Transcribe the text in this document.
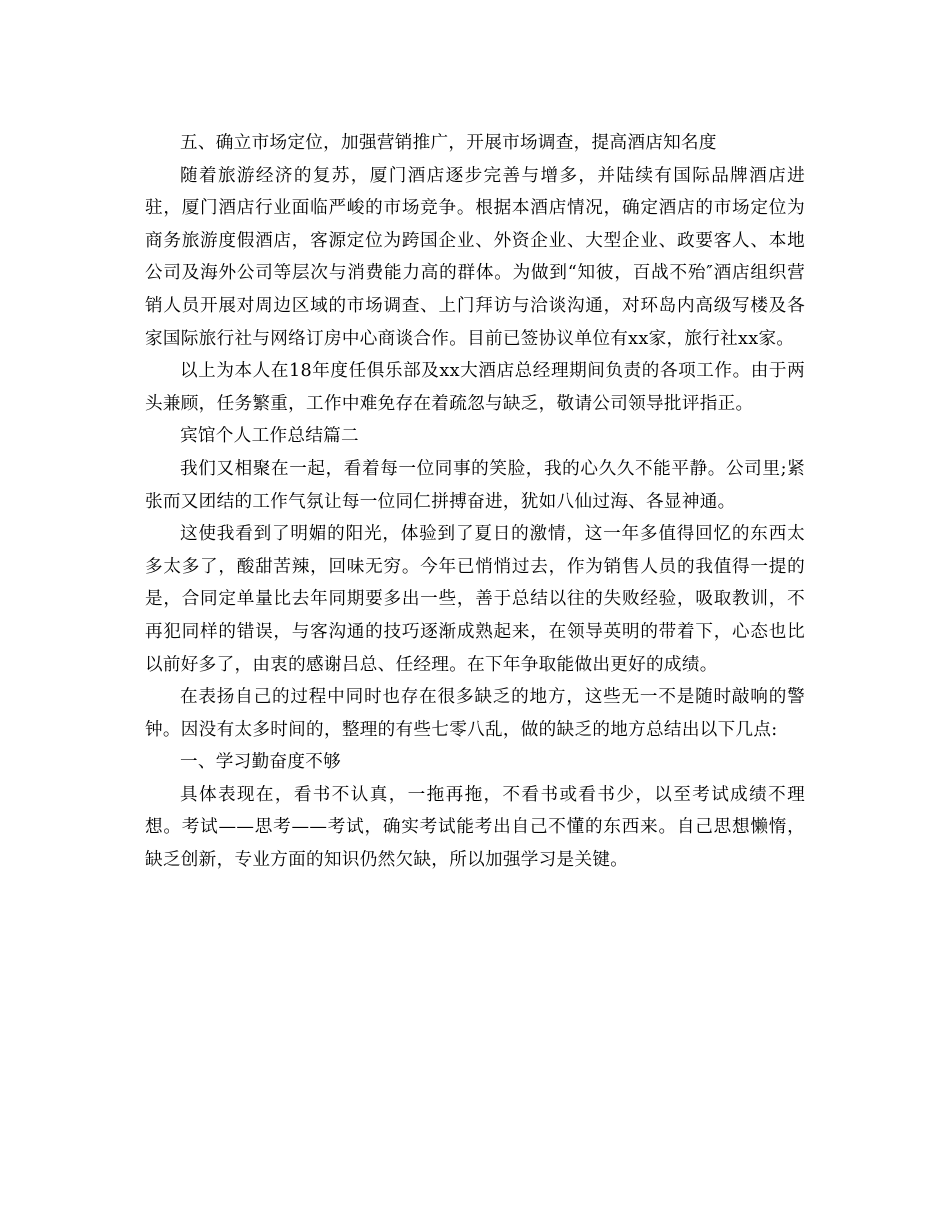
五、确立市场定位，加强营销推广，开展市场调查，提高酒店知名度

随着旅游经济的复苏，厦门酒店逐步完善与增多，并陆续有国际品牌酒店进驻，厦门酒店行业面临严峻的市场竞争。根据本酒店情况，确定酒店的市场定位为商务旅游度假酒店，客源定位为跨国企业、外资企业、大型企业、政要客人、本地公司及海外公司等层次与消费能力高的群体。为做到“知彼，百战不殆″酒店组织营销人员开展对周边区域的市场调查、上门拜访与洽谈沟通，对环岛内高级写楼及各家国际旅行社与网络订房中心商谈合作。目前已签协议单位有xx家，旅行社xx家。

以上为本人在18年度任俱乐部及xx大酒店总经理期间负责的各项工作。由于两头兼顾，任务繁重，工作中难免存在着疏忽与缺乏，敬请公司领导批评指正。

宾馆个人工作总结篇二

我们又相聚在一起，看着每一位同事的笑脸，我的心久久不能平静。公司里;紧张而又团结的工作气氛让每一位同仁拼搏奋进，犹如八仙过海、各显神通。

这使我看到了明媚的阳光，体验到了夏日的激情，这一年多值得回忆的东西太多太多了，酸甜苦辣，回味无穷。今年已悄悄过去，作为销售人员的我值得一提的是，合同定单量比去年同期要多出一些，善于总结以往的失败经验，吸取教训，不再犯同样的错误，与客沟通的技巧逐渐成熟起来，在领导英明的带着下，心态也比以前好多了，由衷的感谢吕总、任经理。在下年争取能做出更好的成绩。

在表扬自己的过程中同时也存在很多缺乏的地方，这些无一不是随时敲响的警钟。因没有太多时间的，整理的有些七零八乱，做的缺乏的地方总结出以下几点:

一、学习勤奋度不够

具体表现在，看书不认真，一拖再拖，不看书或看书少，以至考试成绩不理想。考试——思考——考试，确实考试能考出自己不懂的东西来。自己思想懒惰，缺乏创新，专业方面的知识仍然欠缺，所以加强学习是关键。
